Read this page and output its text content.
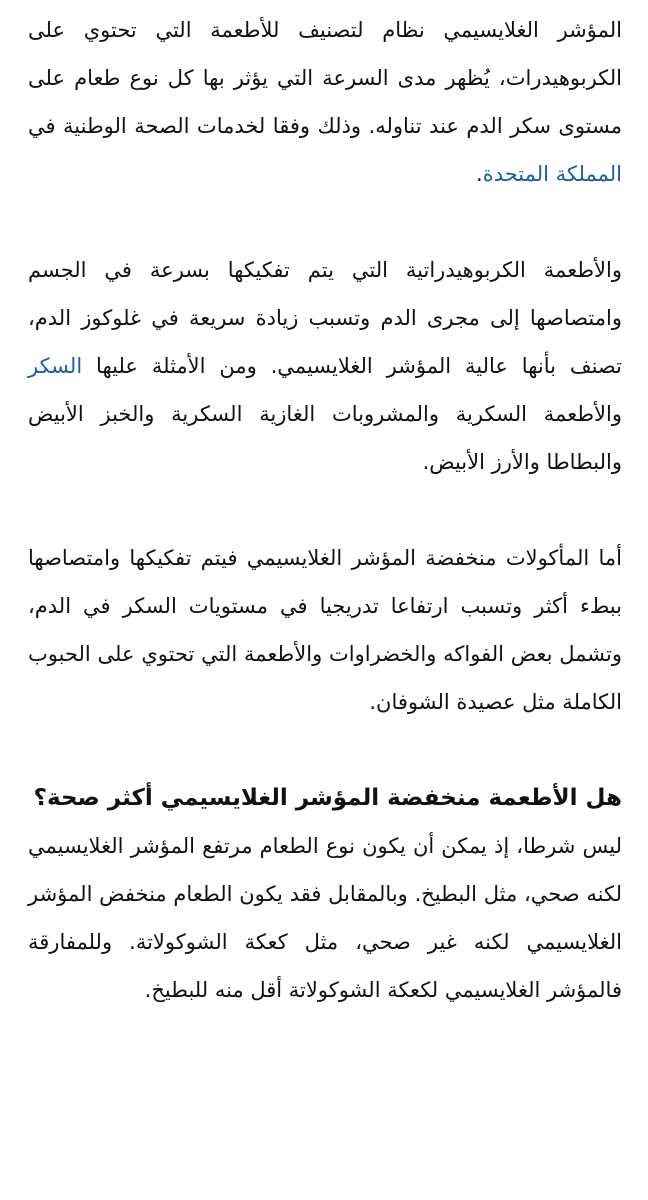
المؤشر الغلايسيمي نظام لتصنيف للأطعمة التي تحتوي على الكربوهيدرات، يُظهر مدى السرعة التي يؤثر بها كل نوع طعام على مستوى سكر الدم عند تناوله. وذلك وفقا لخدمات الصحة الوطنية في المملكة المتحدة.

والأطعمة الكربوهيدراتية التي يتم تفكيكها بسرعة في الجسم وامتصاصها إلى مجرى الدم وتسبب زيادة سريعة في غلوكوز الدم، تصنف بأنها عالية المؤشر الغلايسيمي. ومن الأمثلة عليها السكر والأطعمة السكرية والمشروبات الغازية السكرية والخبز الأبيض والبطاطا والأرز الأبيض.

أما المأكولات منخفضة المؤشر الغلايسيمي فيتم تفكيكها وامتصاصها ببطء أكثر وتسبب ارتفاعا تدريجيا في مستويات السكر في الدم، وتشمل بعض الفواكه والخضراوات والأطعمة التي تحتوي على الحبوب الكاملة مثل عصيدة الشوفان.

هل الأطعمة منخفضة المؤشر الغلايسيمي أكثر صحة؟

ليس شرطا، إذ يمكن أن يكون نوع الطعام مرتفع المؤشر الغلايسيمي لكنه صحي، مثل البطيخ. وبالمقابل فقد يكون الطعام منخفض المؤشر الغلايسيمي لكنه غير صحي، مثل كعكة الشوكولاتة. وللمفارقة فالمؤشر الغلايسيمي لكعكة الشوكولاتة أقل منه للبطيخ.
